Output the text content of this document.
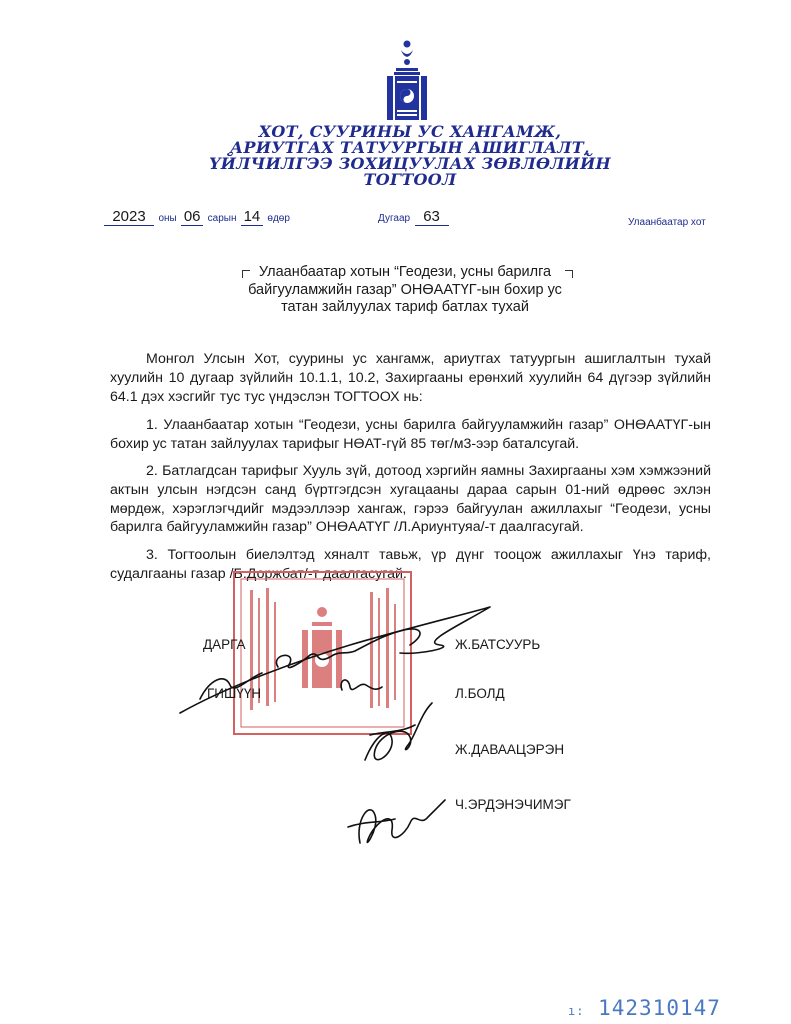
ХОТ, СУУРИНЫ УС ХАНГАМЖ,
АРИУТГАХ ТАТУУРГЫН АШИГЛАЛТ,
ҮЙЛЧИЛГЭЭ ЗОХИЦУУЛАХ ЗӨВЛӨЛИЙН
ТОГТООЛ
2023 оны 06 сарын 14 өдөр	Дугаар 63	Улаанбаатар хот
Улаанбаатар хотын “Геодези, усны барилга
байгууламжийн газар” ОНӨААТҮГ-ын бохир ус
татан зайлуулах тариф батлах тухай

Монгол Улсын Хот, суурины ус хангамж, ариутгах татуургын ашиглалтын тухай хуулийн 10 дугаар зүйлийн 10.1.1, 10.2, Захиргааны ерөнхий хуулийн 64 дүгээр зүйлийн 64.1 дэх хэсгийг тус тус үндэслэн ТОГТООХ нь:

1. Улаанбаатар хотын “Геодези, усны барилга байгууламжийн газар” ОНӨААТҮГ-ын бохир ус татан зайлуулах тарифыг НӨАТ-гүй 85 төг/м3-ээр баталсугай.

2. Батлагдсан тарифыг Хууль зүй, дотоод хэргийн яамны Захиргааны хэм хэмжээний актын улсын нэгдсэн санд бүртгэгдсэн хугацааны дараа сарын 01-ний өдрөөс эхлэн мөрдөж, хэрэглэгчдийг мэдээллээр хангаж, гэрээ байгуулан ажиллахыг “Геодези, усны барилга байгууламжийн газар” ОНӨААТҮГ /Л.Ариунтуяа/-т даалгасугай.

3. Тогтоолын биелэлтэд хяналт тавьж, үр дүнг тооцож ажиллахыг Үнэ тариф, судалгааны газар /Б.Доржбат/-т даалгасугай.

ДАРГА	Ж.БАТСУУРЬ
ГИШҮҮН	Л.БОЛД
Ж.ДАВААЦЭРЭН
Ч.ЭРДЭНЭЧИМЭГ
ı: 142310147
